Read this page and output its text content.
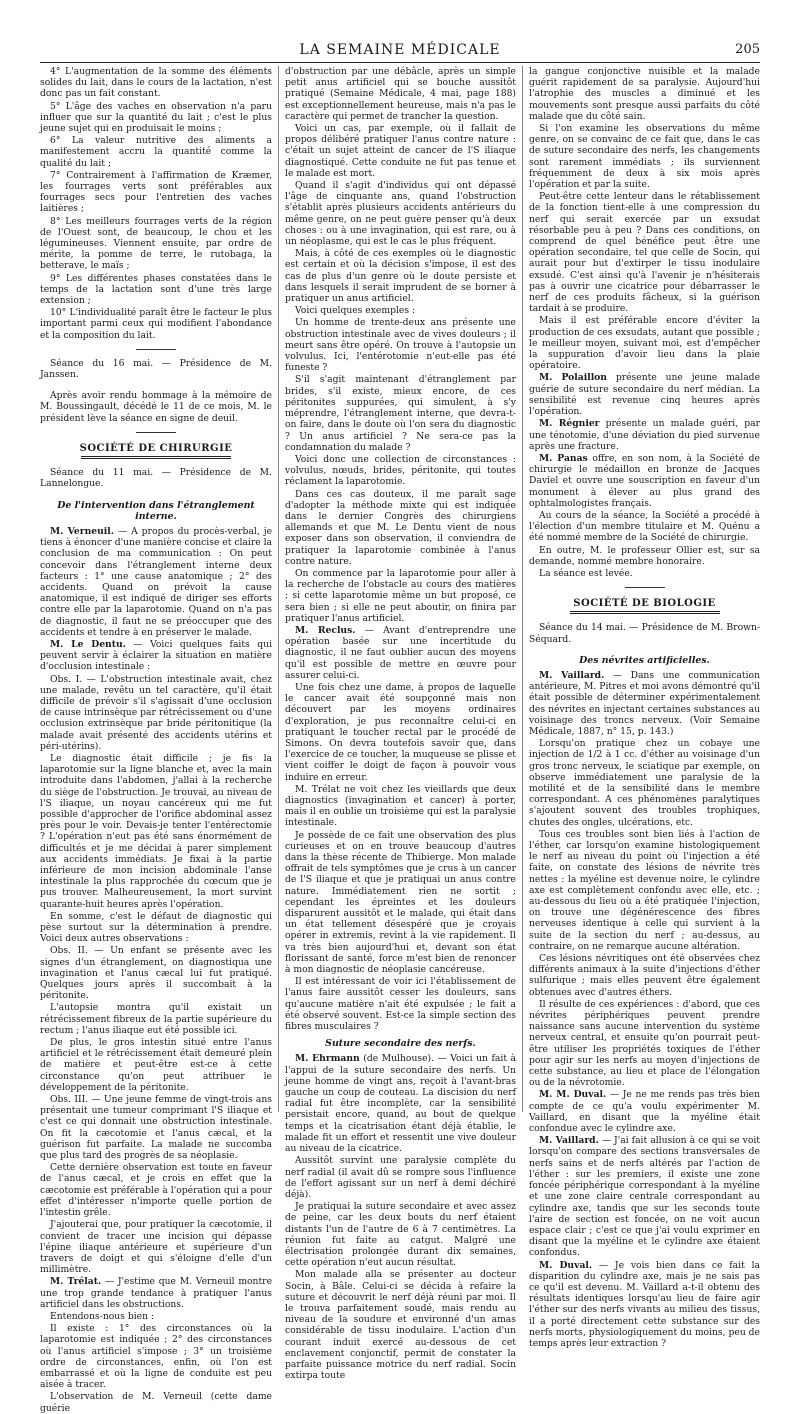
LA SEMAINE MÉDICALE	205

4° L'augmentation de la somme des éléments solides du lait, dans le cours de la lactation, n'est donc pas un fait constant.

5° L'âge des vaches en observation n'a paru influer que sur la quantité du lait ; c'est le plus jeune sujet qui en produisait le moins ;

6° La valeur nutritive des aliments a manifestement accru la quantité comme la qualité du lait ;

7° Contrairement à l'affirmation de Kræmer, les fourrages verts sont préférables aux fourrages secs pour l'entretien des vaches laitières ;

8° Les meilleurs fourrages verts de la région de l'Ouest sont, de beaucoup, le chou et les légumineuses. Viennent ensuite, par ordre de mérite, la pomme de terre, le rutobaga, la betterave, le maïs ;

9° Les différentes phases constatées dans le temps de la lactation sont d'une très large extension ;

10° L'individualité paraît être le facteur le plus important parmi ceux qui modifient l'abondance et la composition du lait.

Séance du 16 mai. — Présidence de M. Janssen.

Après avoir rendu hommage à la mémoire de M. Boussingault, décédé le 11 de ce mois, M. le président lève la séance en signe de deuil.

SOCIÉTÉ DE CHIRURGIE

Séance du 11 mai. — Présidence de M. Lannelongue.

De l'intervention dans l'étranglement interne.

M. Verneuil. — A propos du procès-verbal, je tiens à énoncer d'une manière concise et claire la conclusion de ma communication : On peut concevoir dans l'étranglement interne deux facteurs : 1° une cause anatomique ; 2° des accidents. Quand on prévoit la cause anatomique, il est indiqué de diriger ses efforts contre elle par la laparotomie. Quand on n'a pas de diagnostic, il faut ne se préoccuper que des accidents et tendre à en préserver le malade.

M. Le Dentu. — Voici quelques faits qui peuvent servir à éclairer la situation en matière d'occlusion intestinale :

Obs. I. — L'obstruction intestinale avait, chez une malade, revêtu un tel caractère, qu'il était difficile de prévoir s'il s'agissait d'une occlusion de cause intrinsèque par rétrécissement ou d'une occlusion extrinsèque par bride péritonitique (la malade avait présenté des accidents utérins et péri-utérins).

Le diagnostic était difficile ; je fis la laparotomie sur la ligne blanche et, avec la main introduite dans l'abdomen, j'allai à la recherche du siège de l'obstruction. Je trouvai, au niveau de l'S iliaque, un noyau cancéreux qui me fut possible d'approcher de l'orifice abdominal assez près pour le voir. Devais-je tenter l'entérectomie ? L'opération n'eut pas été sans énormément de difficultés et je me décidai à parer simplement aux accidents immédiats. Je fixai à la partie inférieure de mon incision abdominale l'anse intestinale la plus rapprochée du cœcum que je pus trouver. Malheureusement, la mort survint quarante-huit heures après l'opération.

En somme, c'est le défaut de diagnostic qui pèse surtout sur la détermination à prendre. Voici deux autres observations :

Obs. II. — Un enfant se présente avec les signes d'un étranglement, on diagnostiqua une invagination et l'anus cæcal lui fut pratiqué. Quelques jours après il succombait à la péritonite.

L'autopsie montra qu'il existait un rétrécissement fibreux de la partie supérieure du rectum ; l'anus iliaque eut été possible ici.

De plus, le gros intestin situé entre l'anus artificiel et le rétrécissement était demeuré plein de matière et peut-être est-ce à cette circonstance qu'on peut attribuer le développement de la péritonite.

Obs. III. — Une jeune femme de vingt-trois ans présentait une tumeur comprimant l'S iliaque et c'est ce qui donnait une obstruction intestinale. On fit la cæcotomie et l'anus cæcal, et la guérison fut parfaite. La malade ne succomba que plus tard des progrès de sa néoplasie.

Cette dernière observation est toute en faveur de l'anus cæcal, et je crois en effet que la cæcotomie est préférable à l'opération qui a pour effet d'intéresser n'importe quelle portion de l'intestin grêle.

J'ajouterai que, pour pratiquer la cæcotomie, il convient de tracer une incision qui dépasse l'épine iliaque antérieure et supérieure d'un travers de doigt et qui s'éloigne d'elle d'un millimètre.

M. Trélat. — J'estime que M. Verneuil montre une trop grande tendance à pratiquer l'anus artificiel dans les obstructions.

Entendons-nous bien :

Il existe : 1° des circonstances où la laparotomie est indiquée ; 2° des circonstances où l'anus artificiel s'impose ; 3° un troisième ordre de circonstances, enfin, où l'on est embarrassé et où la ligne de conduite est peu aisée à tracer.

L'observation de M. Verneuil (cette dame guérie

d'obstruction par une débâcle, après un simple petit anus artificiel qui se bouche aussitôt pratiqué (Semaine Médicale, 4 mai, page 188) est exceptionnellement heureuse, mais n'a pas le caractère qui permet de trancher la question.

Voici un cas, par exemple, où il fallait de propos délibéré pratiquer l'anus contre nature : c'était un sujet atteint de cancer de l'S iliaque diagnostiqué. Cette conduite ne fut pas tenue et le malade est mort.

Quand il s'agit d'individus qui ont dépassé l'âge de cinquante ans, quand l'obstruction s'établit après plusieurs accidents antérieurs du même genre, on ne peut guère penser qu'à deux choses : ou à une invagination, qui est rare, ou à un néoplasme, qui est le cas le plus fréquent.

Mais, à côté de ces exemples où le diagnostic est certain et où la décision s'impose, il est des cas de plus d'un genre où le doute persiste et dans lesquels il serait imprudent de se borner à pratiquer un anus artificiel.

Voici quelques exemples :

Un homme de trente-deux ans présente une obstruction intestinale avec de vives douleurs ; il meurt sans être opéré. On trouve à l'autopsie un volvulus. Ici, l'entérotomie n'eut-elle pas été funeste ?

S'il s'agit maintenant d'étranglement par brides, s'il existe, mieux encore, de ces péritonites suppurées, qui simulent, à s'y méprendre, l'étranglement interne, que devra-t-on faire, dans le doute où l'on sera du diagnostic ? Un anus artificiel ? Ne sera-ce pas la condamnation du malade ?

Voici donc une collection de circonstances : volvulus, nœuds, brides, péritonite, qui toutes réclament la laparotomie.

Dans ces cas douteux, il me paraît sage d'adopter la méthode mixte qui est indiquée dans le dernier Congrès des chirurgiens allemands et que M. Le Dentu vient de nous exposer dans son observation, il conviendra de pratiquer la laparotomie combinée à l'anus contre nature.

On commence par la laparotomie pour aller à la recherche de l'obstacle au cours des matières ; si cette laparotomie même un but proposé, ce sera bien ; si elle ne peut aboutir, on finira par pratiquer l'anus artificiel.

M. Reclus. — Avant d'entreprendre une opération basée sur une incertitude du diagnostic, il ne faut oublier aucun des moyens qu'il est possible de mettre en œuvre pour assurer celui-ci.

Une fois chez une dame, à propos de laquelle le cancer avait été soupçonné mais non découvert par les moyens ordinaires d'exploration, je pus reconnaître celui-ci en pratiquant le toucher rectal par le procédé de Simons. On devra toutefois savoir que, dans l'exercice de ce toucher, la muqueuse se plisse et vient coiffer le doigt de façon à pouvoir vous induire en erreur.

M. Trélat ne voit chez les vieillards que deux diagnostics (invagination et cancer) à porter, mais il en oublie un troisième qui est la paralysie intestinale.

Je possède de ce fait une observation des plus curieuses et on en trouve beaucoup d'autres dans la thèse récente de Thibierge. Mon malade offrait de tels symptômes que je crus à un cancer de l'S iliaque et que je pratiquai un anus contre nature. Immédiatement rien ne sortit ; cependant les épreintes et les douleurs disparurent aussitôt et le malade, qui était dans un état tellement désespéré que je croyais opérer in extremis, revint à la vie rapidement. Il va très bien aujourd'hui et, devant son état florissant de santé, force m'est bien de renoncer à mon diagnostic de néoplasie cancéreuse.

Il est intéressant de voir ici l'établissement de l'anus faire aussitôt cesser les douleurs, sans qu'aucune matière n'ait été expulsée ; le fait a été observé souvent. Est-ce la simple section des fibres musculaires ?

Suture secondaire des nerfs.

M. Ehrmann (de Mulhouse). — Voici un fait à l'appui de la suture secondaire des nerfs. Un jeune homme de vingt ans, reçoit à l'avant-bras gauche un coup de couteau. La discision du nerf radial fut être incomplète, car la sensibilité persistait encore, quand, au bout de quelque temps et la cicatrisation étant déjà établie, le malade fit un effort et ressentit une vive douleur au niveau de la cicatrice.

Aussitôt survint une paralysie complète du nerf radial (il avait dû se rompre sous l'influence de l'effort agissant sur un nerf à demi déchiré déjà).

Je pratiquai la suture secondaire et avec assez de peine, car les deux bouts du nerf étaient distants l'un de l'autre de 6 à 7 centimètres. La réunion fut faite au catgut. Malgré une électrisation prolongée durant dix semaines, cette opération n'eut aucun résultat.

Mon malade alla se présenter au docteur Socin, à Bâle. Celui-ci se décida à refaire la suture et découvrit le nerf déjà réuni par moi. Il le trouva parfaitement soudé, mais rendu au niveau de la soudure et environné d'un amas considérable de tissu inodulaire. L'action d'un courant induit exercé au-dessous de cet enclavement conjonctif, permit de constater la parfaite puissance motrice du nerf radial. Socin extirpa toute

la gangue conjonctive nuisible et la malade guérit rapidement de sa paralysie. Aujourd'hui l'atrophie des muscles a diminué et les mouvements sont presque aussi parfaits du côté malade que du côté sain.

Si l'on examine les observations du même genre, on se convainc de ce fait que, dans le cas de suture secondaire des nerfs, les changements sont rarement immédiats ; ils surviennent fréquemment de deux à six mois après l'opération et par la suite.

Peut-être cette lenteur dans le rétablissement de la fonction tient-elle à une compression du nerf qui serait exercée par un exsudat résorbable peu à peu ? Dans ces conditions, on comprend de quel bénéfice peut être une opération secondaire, tel que celle de Socin, qui aurait pour but d'extirper le tissu inodulaire exsudé. C'est ainsi qu'à l'avenir je n'hésiterais pas à ouvrir une cicatrice pour débarrasser le nerf de ces produits fâcheux, si la guérison tardait à se produire.

Mais il est préférable encore d'éviter la production de ces exsudats, autant que possible ; le meilleur moyen, suivant moi, est d'empêcher la suppuration d'avoir lieu dans la plaie opératoire.

M. Polaillon présente une jeune malade guérie de suture secondaire du nerf médian. La sensibilité est revenue cinq heures après l'opération.

M. Régnier présente un malade guéri, par une ténotomie, d'une déviation du pied survenue après une fracture.

M. Panas offre, en son nom, à la Société de chirurgie le médaillon en bronze de Jacques Daviel et ouvre une souscription en faveur d'un monument à élever au plus grand des ophtalmologistes français.

Au cours de la séance, la Société a procédé à l'élection d'un membre titulaire et M. Quénu a été nommé membre de la Société de chirurgie.

En outre, M. le professeur Ollier est, sur sa demande, nommé membre honoraire.

La séance est levée.

SOCIÉTÉ DE BIOLOGIE

Séance du 14 mai. — Présidence de M. Brown-Séquard.

Des névrites artificielles.

M. Vaillard. — Dans une communication antérieure, M. Pitres et moi avons démontré qu'il était possible de déterminer expérimentalement des névrites en injectant certaines substances au voisinage des troncs nerveux. (Voir Semaine Médicale, 1887, n° 15, p. 143.)

Lorsqu'on pratique chez un cobaye une injection de 1/2 à 1 cc. d'éther au voisinage d'un gros tronc nerveux, le sciatique par exemple, on observe immédiatement une paralysie de la motilité et de la sensibilité dans le membre correspondant. A ces phénomènes paralytiques s'ajoutent souvent des troubles trophiques, chutes des ongles, ulcérations, etc.

Tous ces troubles sont bien liés à l'action de l'éther, car lorsqu'on examine histologiquement le nerf au niveau du point où l'injection a été faite, on constate des lésions de névrite très nettes : la myéline est devenue noire, le cylindre axe est complètement confondu avec elle, etc. ; au-dessous du lieu où a été pratiquée l'injection, on trouve une dégénérescence des fibres nerveuses identique à celle qui survient à la suite de la section du nerf ; au-dessus, au contraire, on ne remarque aucune altération.

Ces lésions névritiques ont été observées chez différents animaux à la suite d'injections d'éther sulfurique ; mais elles peuvent être également obtenues avec d'autres éthers.

Il résulte de ces expériences : d'abord, que ces névrites périphériques peuvent prendre naissance sans aucune intervention du système nerveux central, et ensuite qu'on pourrait peut-être utiliser les propriétés toxiques de l'éther pour agir sur les nerfs au moyen d'injections de cette substance, au lieu et place de l'élongation ou de la névrotomie.

M. M. Duval. — Je ne me rends pas très bien compte de ce qu'a voulu expérimenter M. Vaillard, en disant que la myéline était confondue avec le cylindre axe.

M. Vaillard. — J'ai fait allusion à ce qui se voit lorsqu'on compare des sections transversales de nerfs sains et de nerfs altérés par l'action de l'éther : sur les premiers, il existe une zone foncée périphérique correspondant à la myéline et une zone claire centrale correspondant au cylindre axe, tandis que sur les seconds toute l'aire de section est foncée, on ne voit aucun espace clair ; c'est ce que j'ai voulu exprimer en disant que la myéline et le cylindre axe étaient confondus.

M. Duval. — Je vois bien dans ce fait la disparition du cylindre axe, mais je ne sais pas ce qu'il est devenu. M. Vaillard a-t-il obtenu des résultats identiques lorsqu'au lieu de faire agir l'éther sur des nerfs vivants au milieu des tissus, il a porté directement cette substance sur des nerfs morts, physiologiquement du moins, peu de temps après leur extraction ?
